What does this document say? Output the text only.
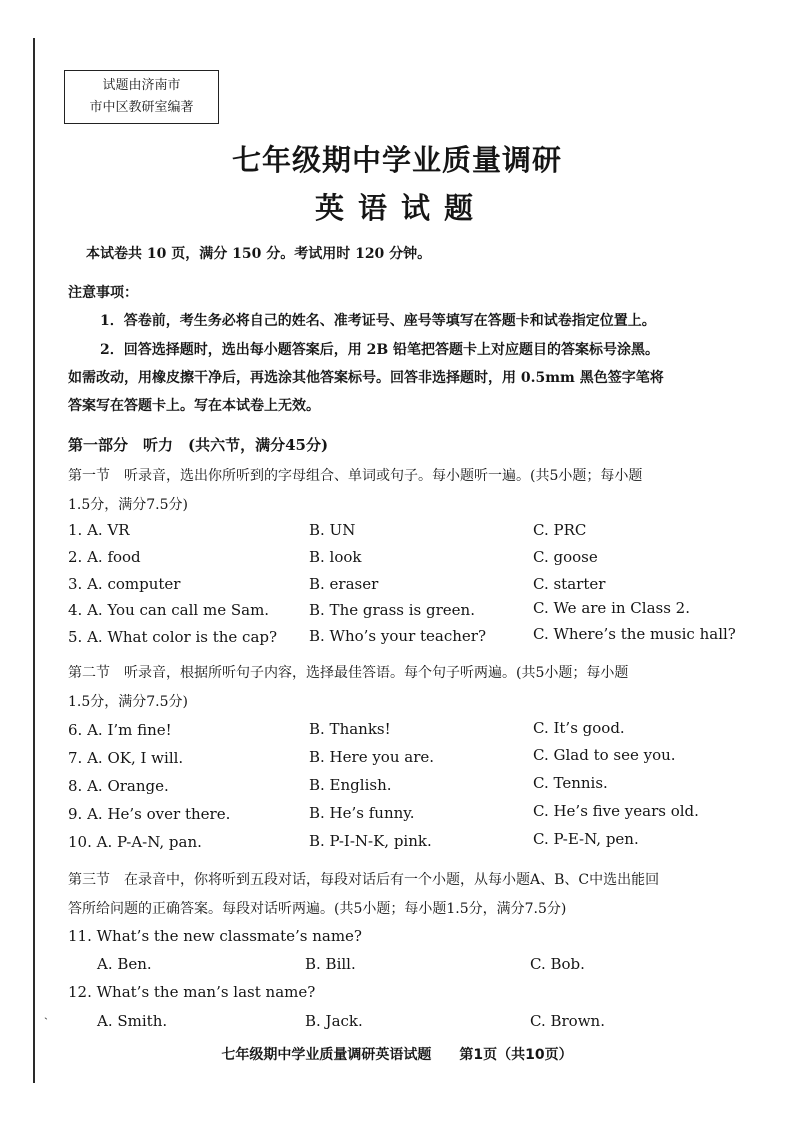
ˏ
试题由济南市
市中区教研室编著
七年级期中学业质量调研
英语试题
本试卷共 10 页，满分 150 分。考试用时 120 分钟。
注意事项：
1．答卷前，考生务必将自己的姓名、准考证号、座号等填写在答题卡和试卷指定位置上。
2．回答选择题时，选出每小题答案后，用 2B 铅笔把答题卡上对应题目的答案标号涂黑。
如需改动，用橡皮擦干净后，再选涂其他答案标号。回答非选择题时，用 0.5mm 黑色签字笔将
答案写在答题卡上。写在本试卷上无效。
第一部分　听力　(共六节，满分45分)
第一节　听录音，选出你所听到的字母组合、单词或句子。每小题听一遍。(共5小题；每小题
1.5分，满分7.5分)
1. A. VR	B. UN	C. PRC
2. A. food	B. look	C. goose
3. A. computer	B. eraser	C. starter
4. A. You can call me Sam.	B. The grass is green.	C. We are in Class 2.
5. A. What color is the cap? B. Who’s your teacher?	C. Where’s the music hall?
第二节　听录音，根据所听句子内容，选择最佳答语。每个句子听两遍。(共5小题；每小题
1.5分，满分7.5分)
6. A. I’m fine!	B. Thanks!	C. It’s good.
7. A. OK, I will.	B. Here you are.	C. Glad to see you.
8. A. Orange.	B. English.	C. Tennis.
9. A. He’s over there.	B. He’s funny.	C. He’s five years old.
10. A. P-A-N, pan.	B. P-I-N-K, pink.	C. P-E-N, pen.
第三节　在录音中，你将听到五段对话，每段对话后有一个小题，从每小题A、B、C中选出能回
答所给问题的正确答案。每段对话听两遍。(共5小题；每小题1.5分，满分7.5分)
11. What’s the new classmate’s name?
A. Ben.	B. Bill.	C. Bob.
12. What’s the man’s last name?
A. Smith.	B. Jack.	C. Brown.
七年级期中学业质量调研英语试题　　第1页（共10页）
